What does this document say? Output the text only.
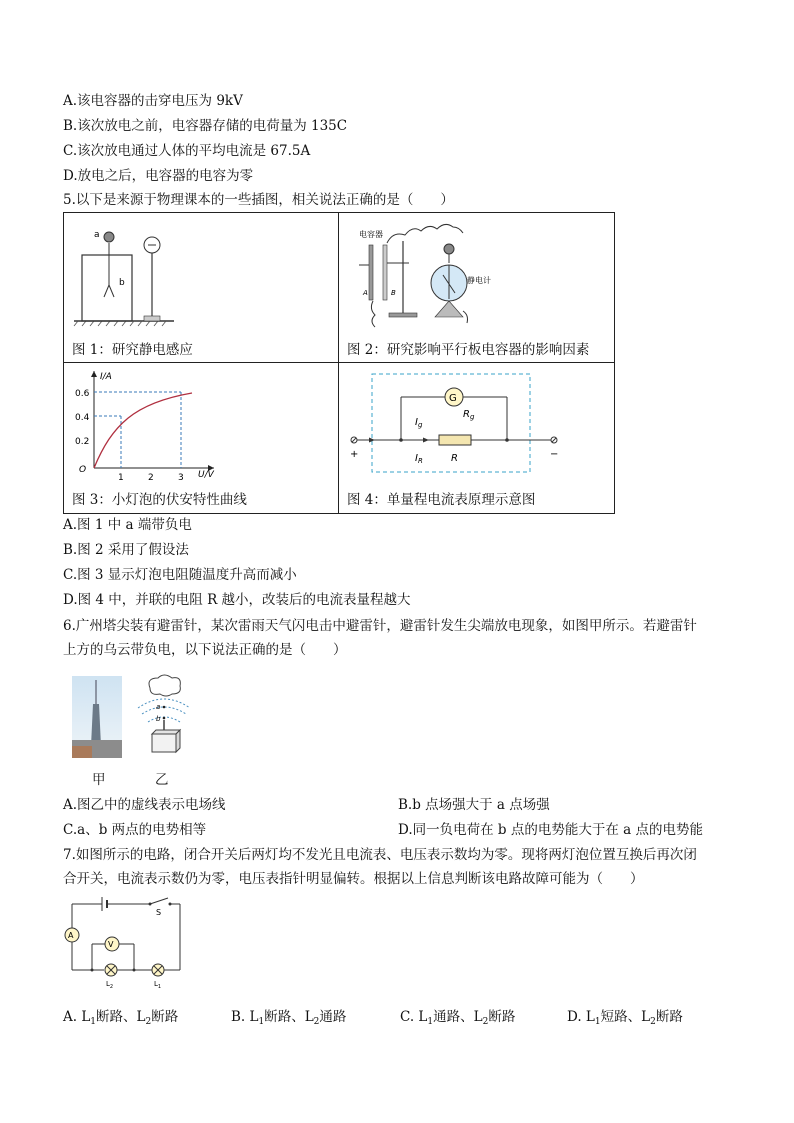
A.该电容器的击穿电压为 9kV
B.该次放电之前，电容器存储的电荷量为 135C
C.该次放电通过人体的平均电流是 67.5A
D.放电之后，电容器的电容为零
5.以下是来源于物理课本的一些插图，相关说法正确的是（　　）
a
b
图 1：研究静电感应
电容器
A	B
静电计
图 2：研究影响平行板电容器的影响因素
I/A
U/V
O
0.6
0.4
0.2
1	2	3
图 3：小灯泡的伏安特性曲线
G
$I_g$
$R_g$
$I_R$	R
+	−
图 4：单量程电流表原理示意图
A.图 1 中 a 端带负电
B.图 2 采用了假设法
C.图 3 显示灯泡电阻随温度升高而减小
D.图 4 中，并联的电阻 R 越小，改装后的电流表量程越大
6.广州塔尖装有避雷针，某次雷雨天气闪电击中避雷针，避雷针发生尖端放电现象，如图甲所示。若避雷针
上方的乌云带负电，以下说法正确的是（　　）
a
b
甲	乙
A.图乙中的虚线表示电场线	B.b 点场强大于 a 点场强
C.a、b 两点的电势相等	D.同一负电荷在 b 点的电势能大于在 a 点的电势能
7.如图所示的电路，闭合开关后两灯均不发光且电流表、电压表示数均为零。现将两灯泡位置互换后再次闭
合开关，电流表示数仍为零，电压表指针明显偏转。根据以上信息判断该电路故障可能为（　　）
S
A
V
$L_2$	$L_1$
A. $L_1$断路、$L_2$断路	B. $L_1$断路、$L_2$通路	C. $L_1$通路、$L_2$断路	D. $L_1$短路、$L_2$断路
